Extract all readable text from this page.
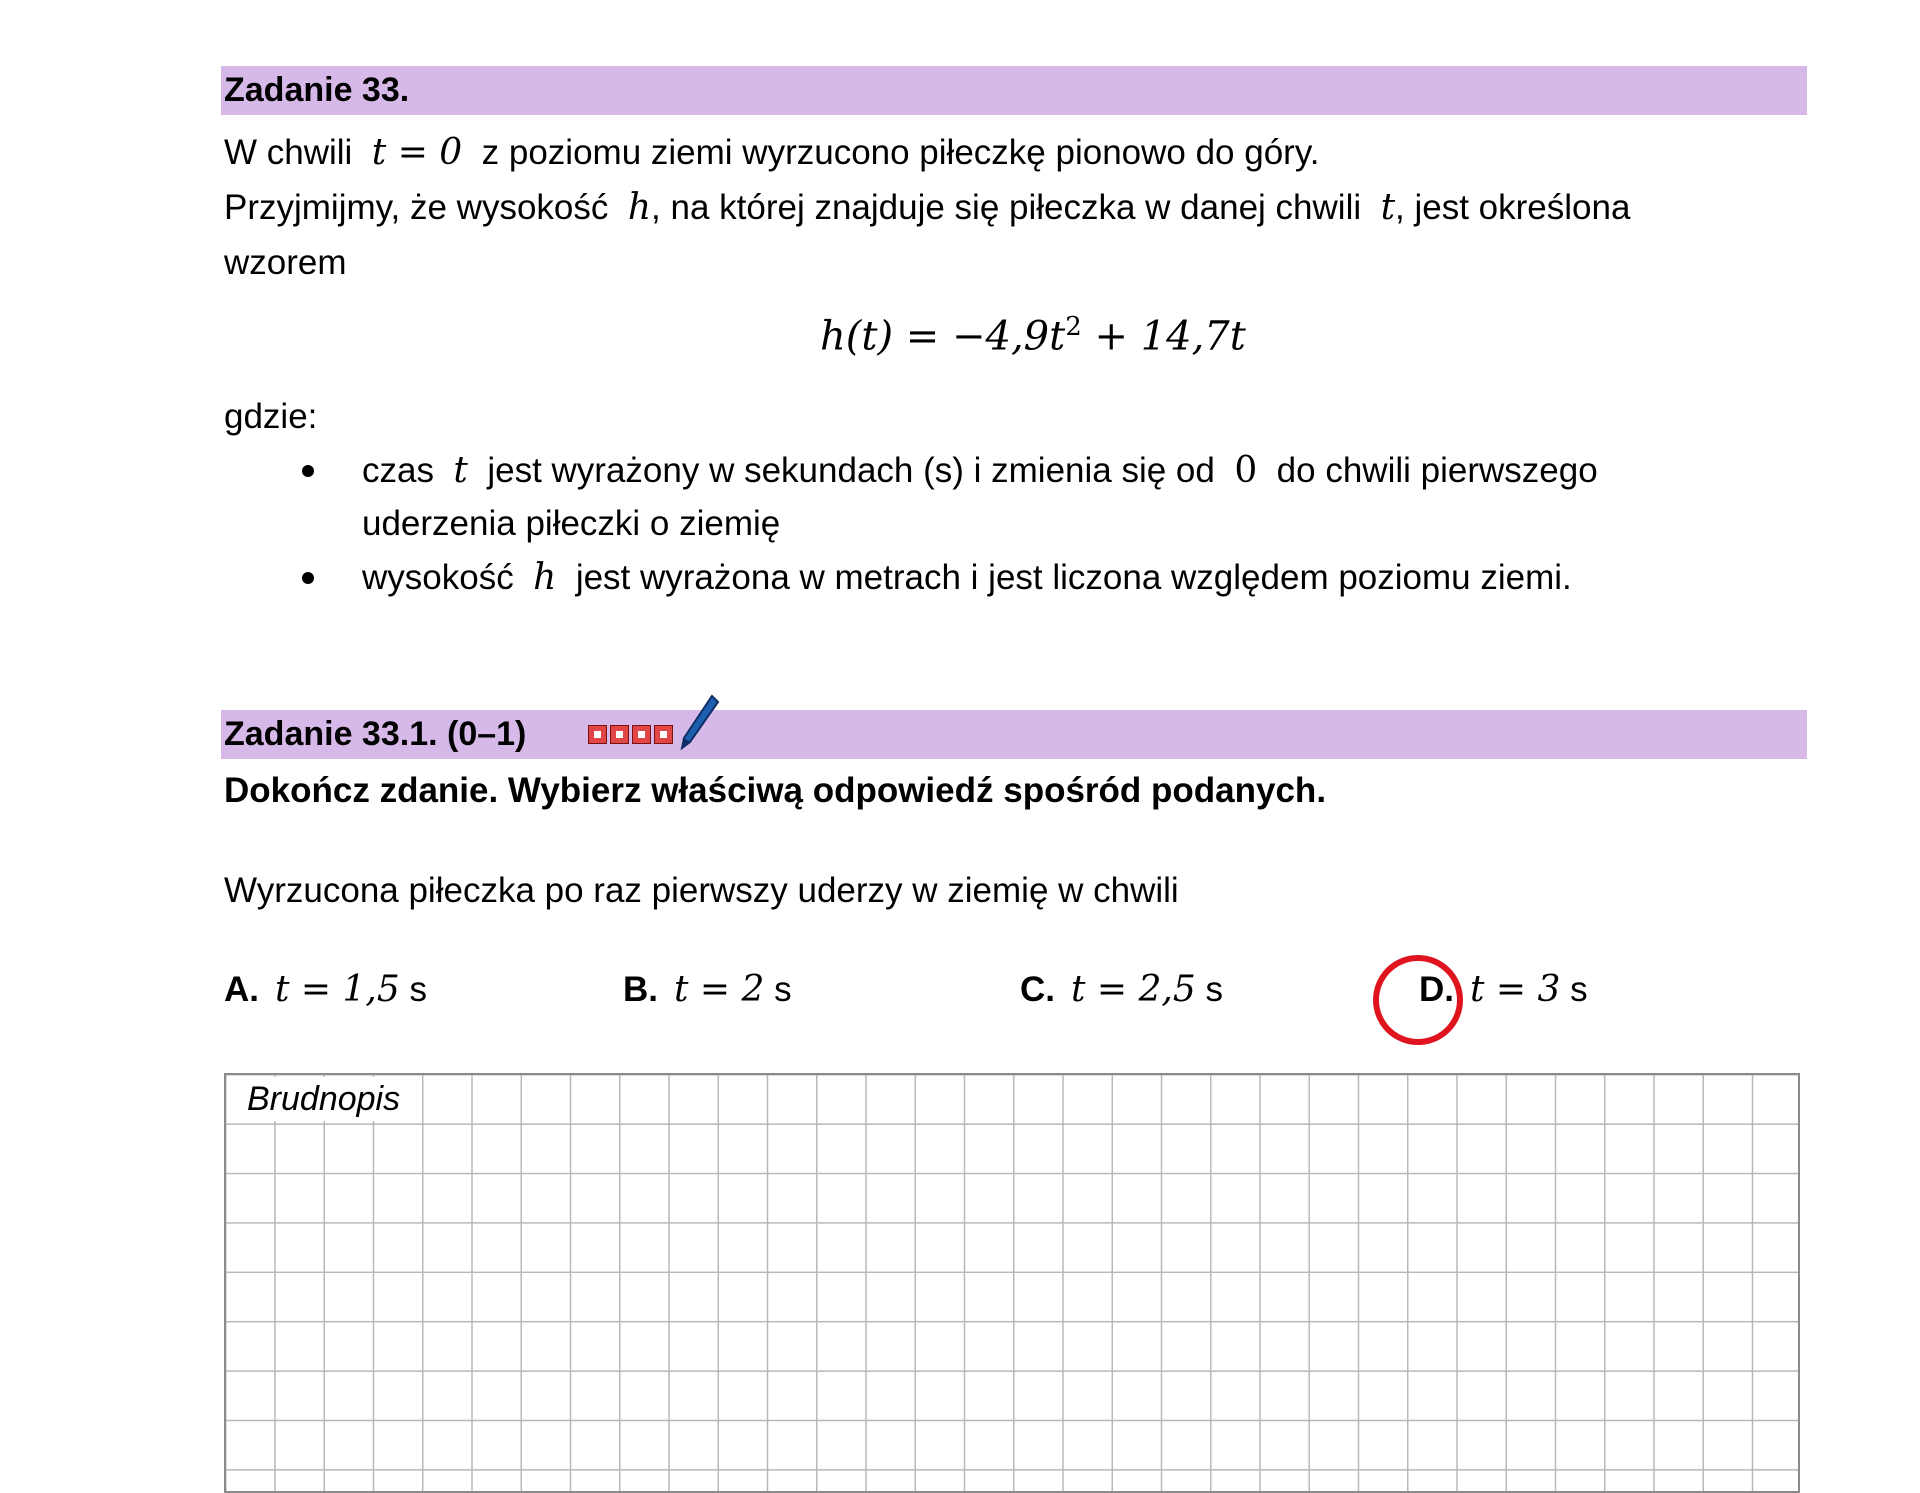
Zadanie 33.
W chwili t = 0 z poziomu ziemi wyrzucono piłeczkę pionowo do góry.
Przyjmijmy, że wysokość h, na której znajduje się piłeczka w danej chwili t, jest określona
wzorem
$h(t) = -4,9t^2 + 14,7t$
gdzie:
czas t jest wyrażony w sekundach (s) i zmienia się od 0 do chwili pierwszego
uderzenia piłeczki o ziemię
wysokość h jest wyrażona w metrach i jest liczona względem poziomu ziemi.
Zadanie 33.1. (0–1)
Dokończ zdanie. Wybierz właściwą odpowiedź spośród podanych.
Wyrzucona piłeczka po raz pierwszy uderzy w ziemię w chwili
A. t = 1,5 s	B. t = 2 s	C. t = 2,5 s	D. t = 3 s
Brudnopis
